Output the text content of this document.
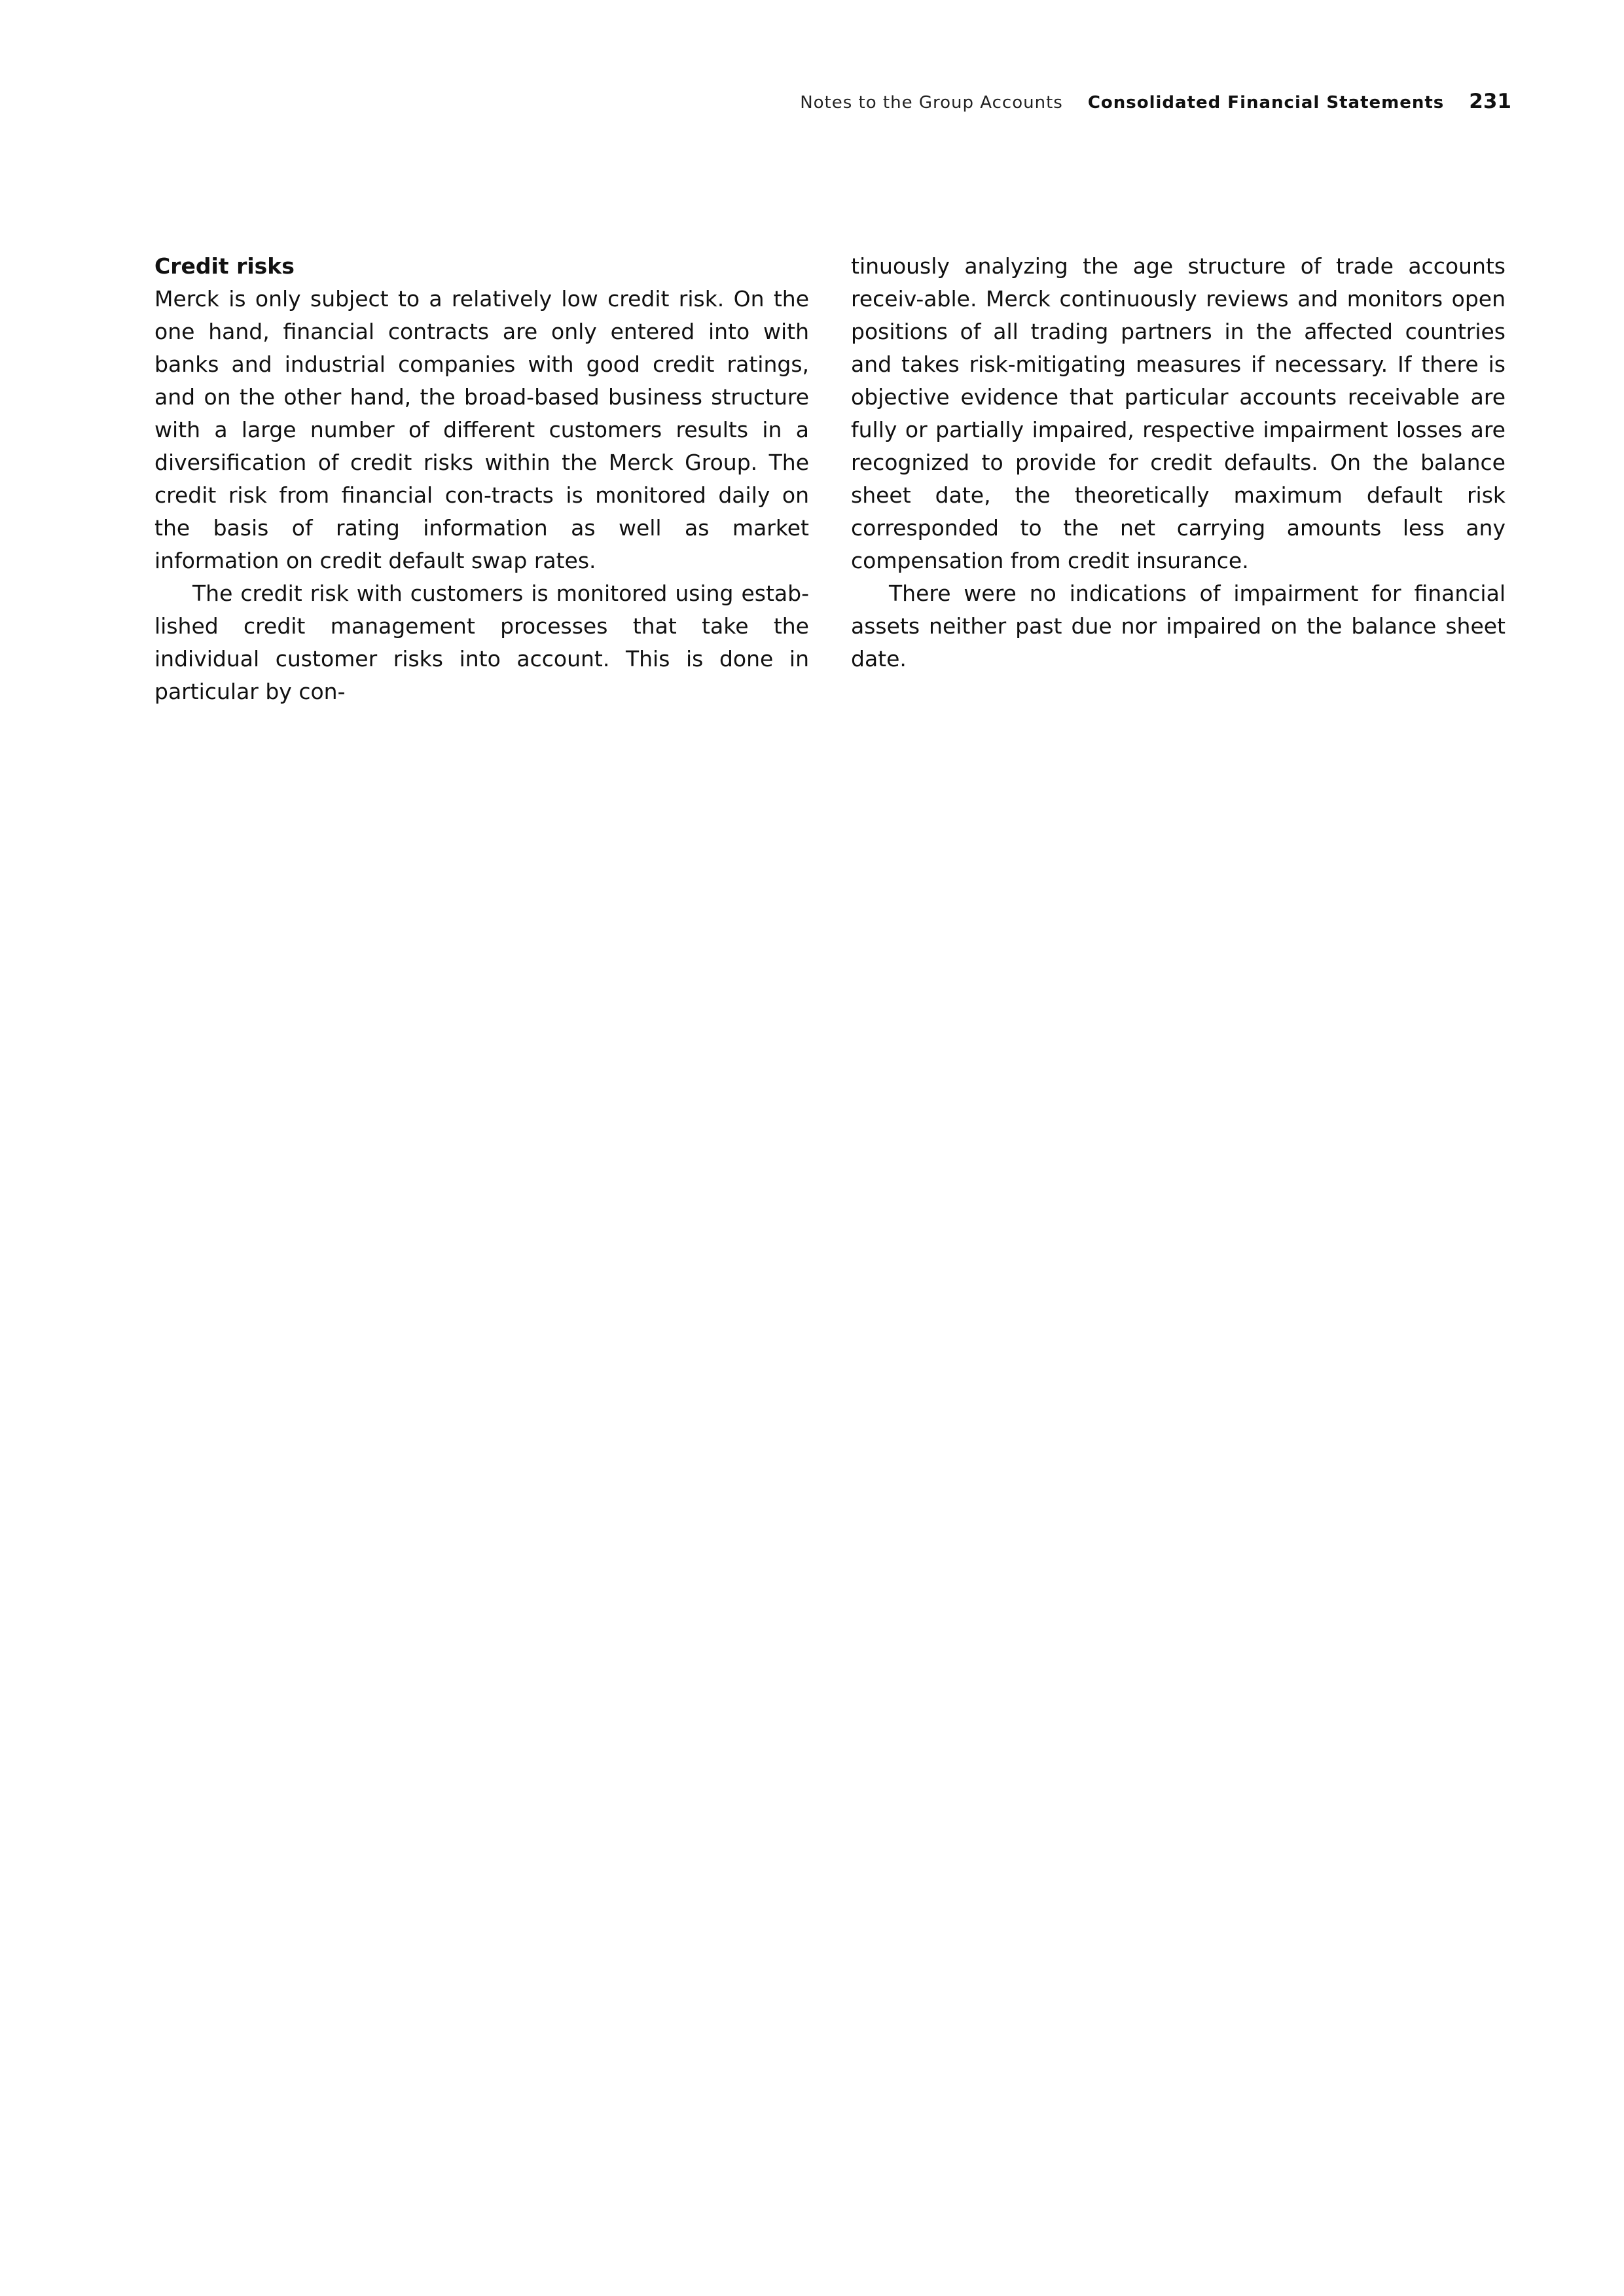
Notes to the Group Accounts Consolidated Financial Statements 231
Credit risks

Merck is only subject to a relatively low credit risk. On the one hand, financial contracts are only entered into with banks and industrial companies with good credit ratings, and on the other hand, the broad-based business structure with a large number of different customers results in a diversification of credit risks within the Merck Group. The credit risk from financial con-tracts is monitored daily on the basis of rating information as well as market information on credit default swap rates.

The credit risk with customers is monitored using estab-lished credit management processes that take the individual customer risks into account. This is done in particular by con-

tinuously analyzing the age structure of trade accounts receiv-able. Merck continuously reviews and monitors open positions of all trading partners in the affected countries and takes risk-mitigating measures if necessary. If there is objective evidence that particular accounts receivable are fully or partially impaired, respective impairment losses are recognized to provide for credit defaults. On the balance sheet date, the theoretically maximum default risk corresponded to the net carrying amounts less any compensation from credit insurance.

There were no indications of impairment for financial assets neither past due nor impaired on the balance sheet date.
